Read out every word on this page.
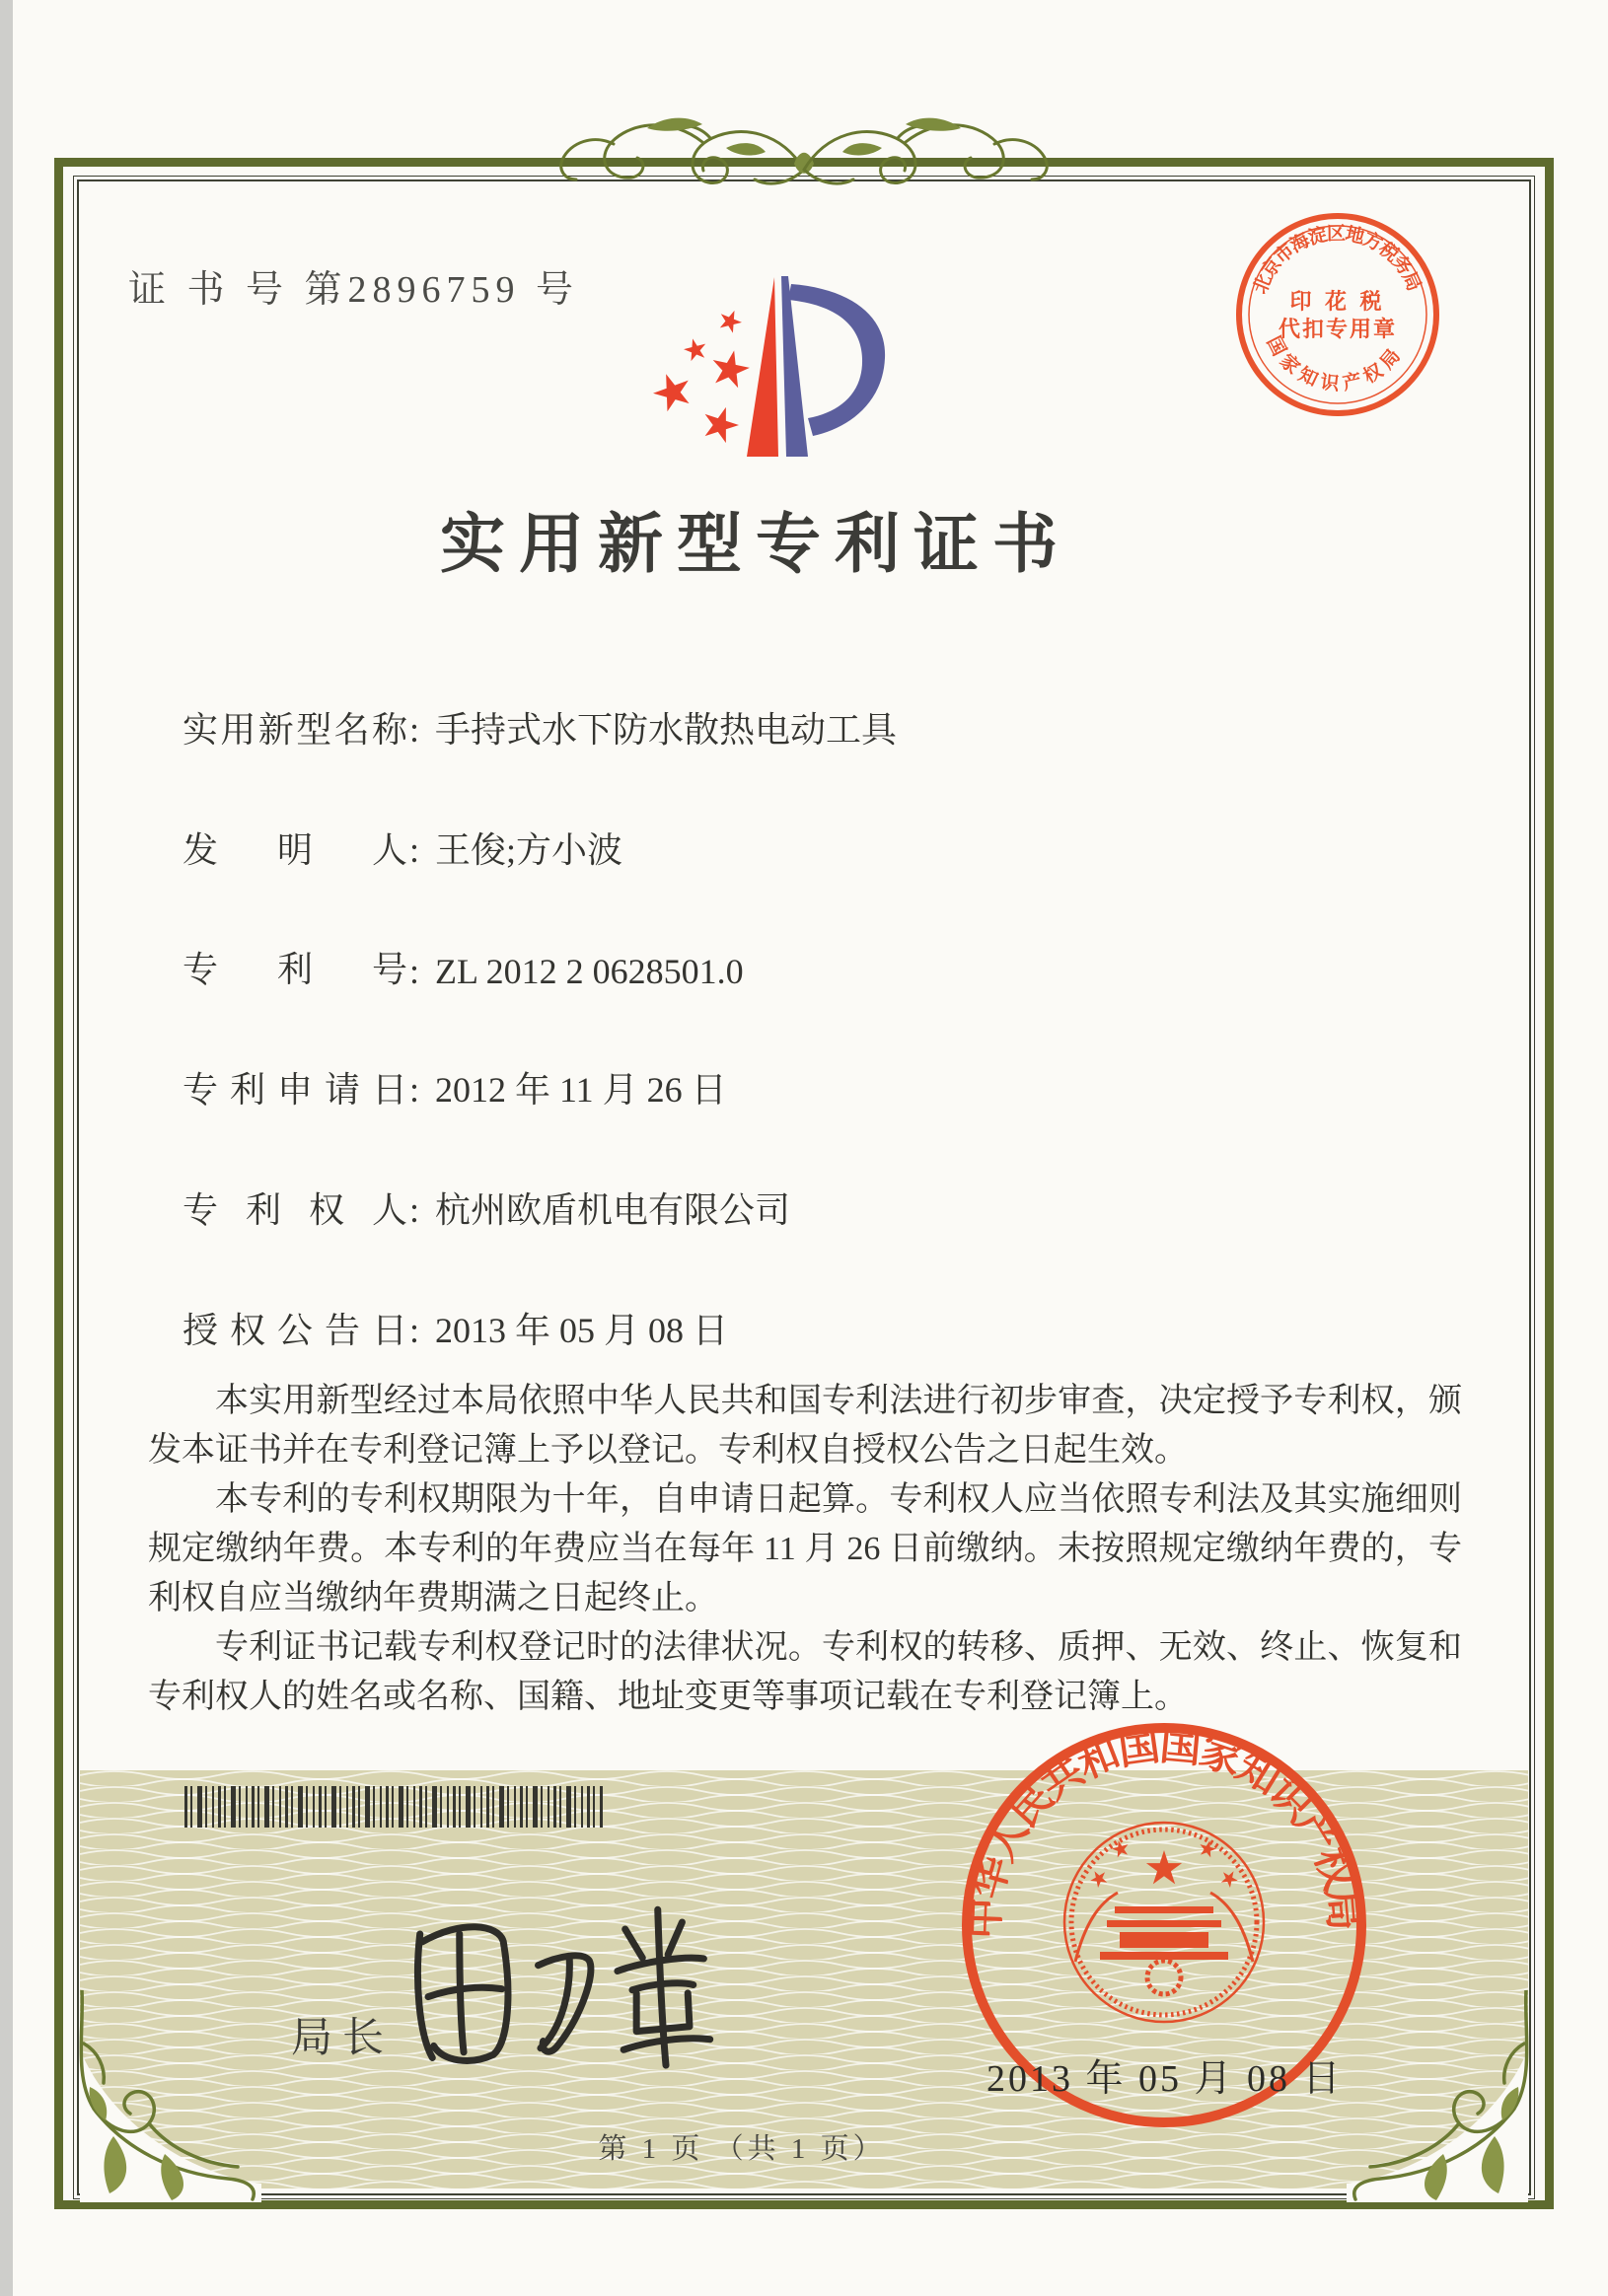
证 书 号 第2896759 号	北京市海淀区地方税务局
印 花 税
代扣专用章
国家知识产权局
实用新型专利证书
实用新型名称: 手持式水下防水散热电动工具
发明人: 王俊;方小波
专利号: ZL 2012 2 0628501.0
专利申请日: 2012 年 11 月 26 日
专利权人: 杭州欧盾机电有限公司
授权公告日: 2013 年 05 月 08 日

本实用新型经过本局依照中华人民共和国专利法进行初步审查，决定授予专利权，颁发本证书并在专利登记簿上予以登记。专利权自授权公告之日起生效。

本专利的专利权期限为十年，自申请日起算。专利权人应当依照专利法及其实施细则规定缴纳年费。本专利的年费应当在每年 11 月 26 日前缴纳。未按照规定缴纳年费的，专利权自应当缴纳年费期满之日起终止。

专利证书记载专利权登记时的法律状况。专利权的转移、质押、无效、终止、恢复和专利权人的姓名或名称、国籍、地址变更等事项记载在专利登记簿上。

局长
中华人民共和国国家知识产权局
2013 年 05 月 08 日
第 1 页 （共 1 页）
